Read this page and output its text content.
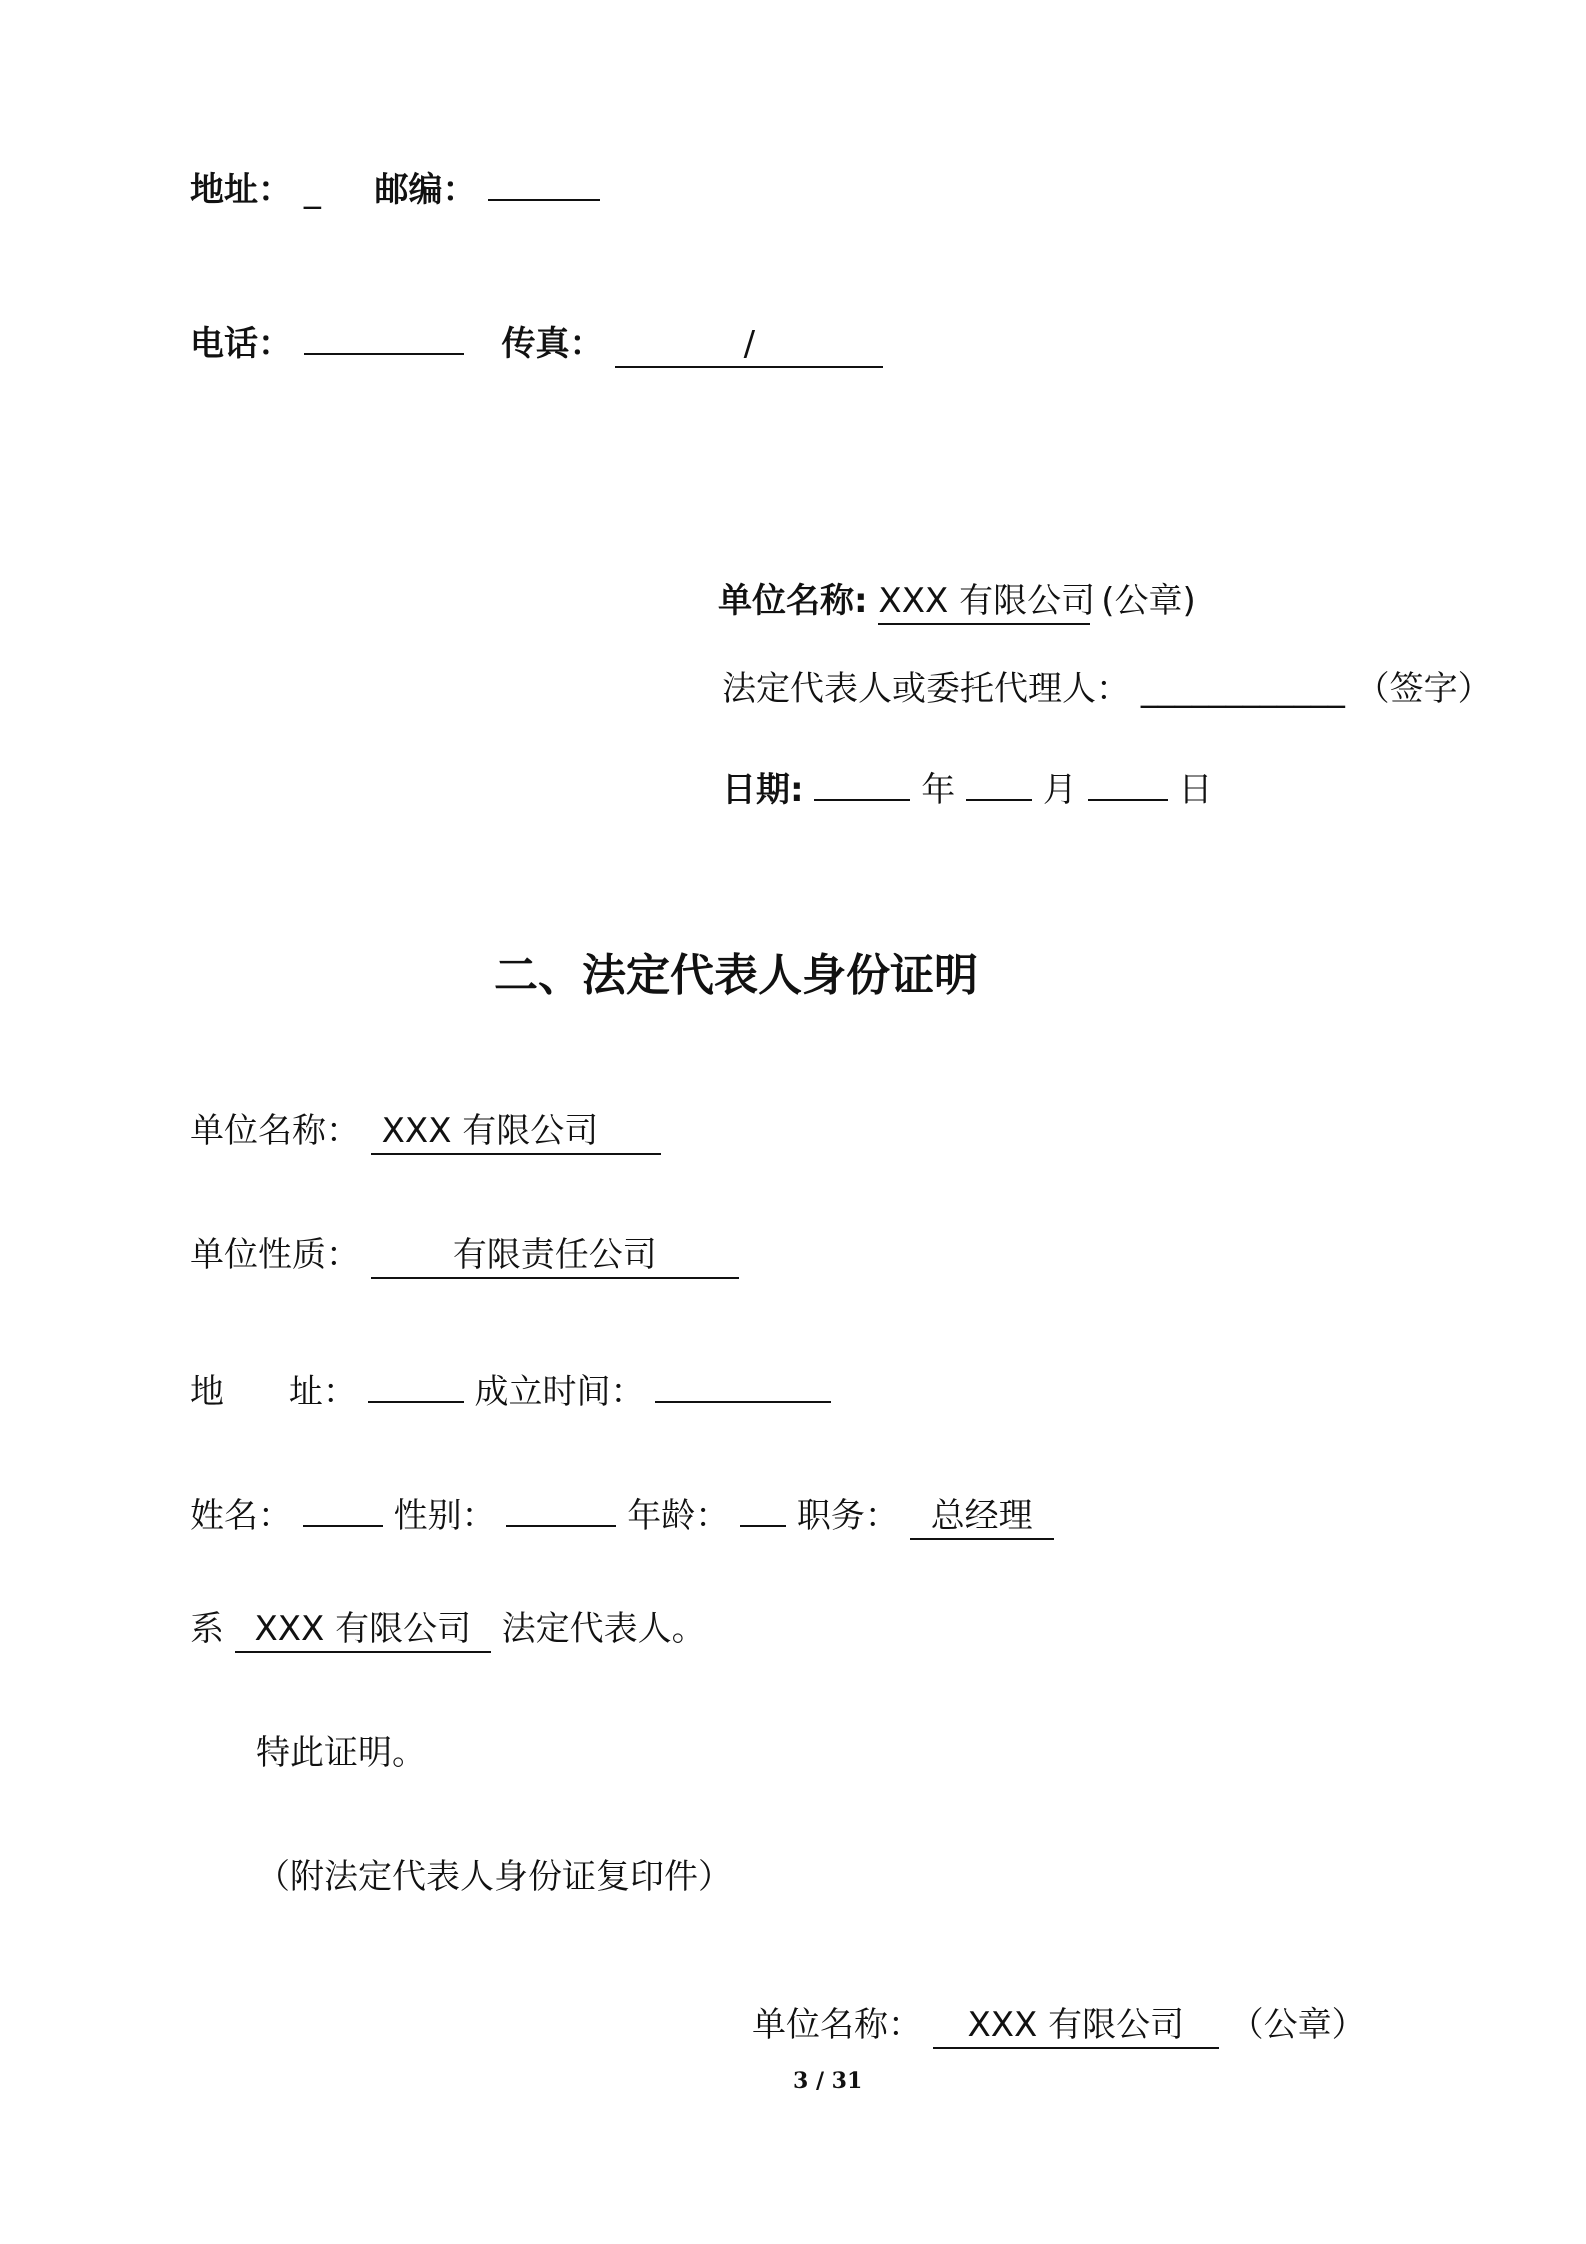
地址： _ 邮编：
电话：	传真：	/
单位名称: XXX 有限公司 (公章)
法定代表人或委托代理人： ____________ （签字）
日期:	年	月	日
二、法定代表人身份证明
单位名称： XXX 有限公司
单位性质：	有限责任公司
地      址：	成立时间：
姓名：	性别：	年龄： 职务： 总经理
系 XXX 有限公司 法定代表人。
特此证明。
（附法定代表人身份证复印件）
单位名称： XXX 有限公司 （公章）
3 / 31
